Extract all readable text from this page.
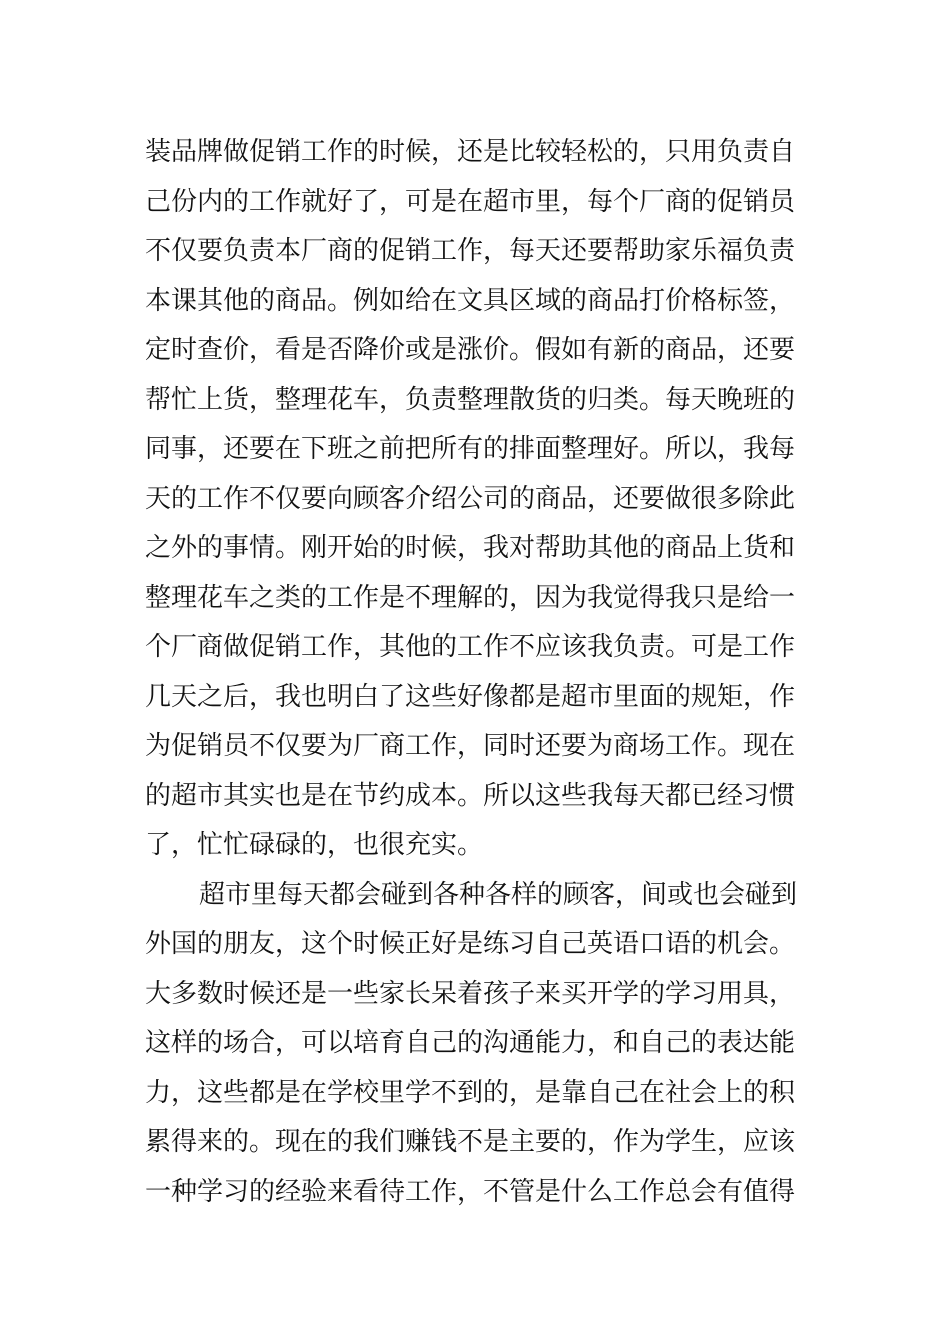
装品牌做促销工作的时候，还是比较轻松的，只用负责自
己份内的工作就好了，可是在超市里，每个厂商的促销员
不仅要负责本厂商的促销工作，每天还要帮助家乐福负责
本课其他的商品。例如给在文具区域的商品打价格标签，
定时查价，看是否降价或是涨价。假如有新的商品，还要
帮忙上货，整理花车，负责整理散货的归类。每天晚班的
同事，还要在下班之前把所有的排面整理好。所以，我每
天的工作不仅要向顾客介绍公司的商品，还要做很多除此
之外的事情。刚开始的时候，我对帮助其他的商品上货和
整理花车之类的工作是不理解的，因为我觉得我只是给一
个厂商做促销工作，其他的工作不应该我负责。可是工作
几天之后，我也明白了这些好像都是超市里面的规矩，作
为促销员不仅要为厂商工作，同时还要为商场工作。现在
的超市其实也是在节约成本。所以这些我每天都已经习惯
了，忙忙碌碌的，也很充实。
超市里每天都会碰到各种各样的顾客，间或也会碰到
外国的朋友，这个时候正好是练习自己英语口语的机会。
大多数时候还是一些家长呆着孩子来买开学的学习用具，
这样的场合，可以培育自己的沟通能力，和自己的表达能
力，这些都是在学校里学不到的，是靠自己在社会上的积
累得来的。现在的我们赚钱不是主要的，作为学生，应该
一种学习的经验来看待工作，不管是什么工作总会有值得
